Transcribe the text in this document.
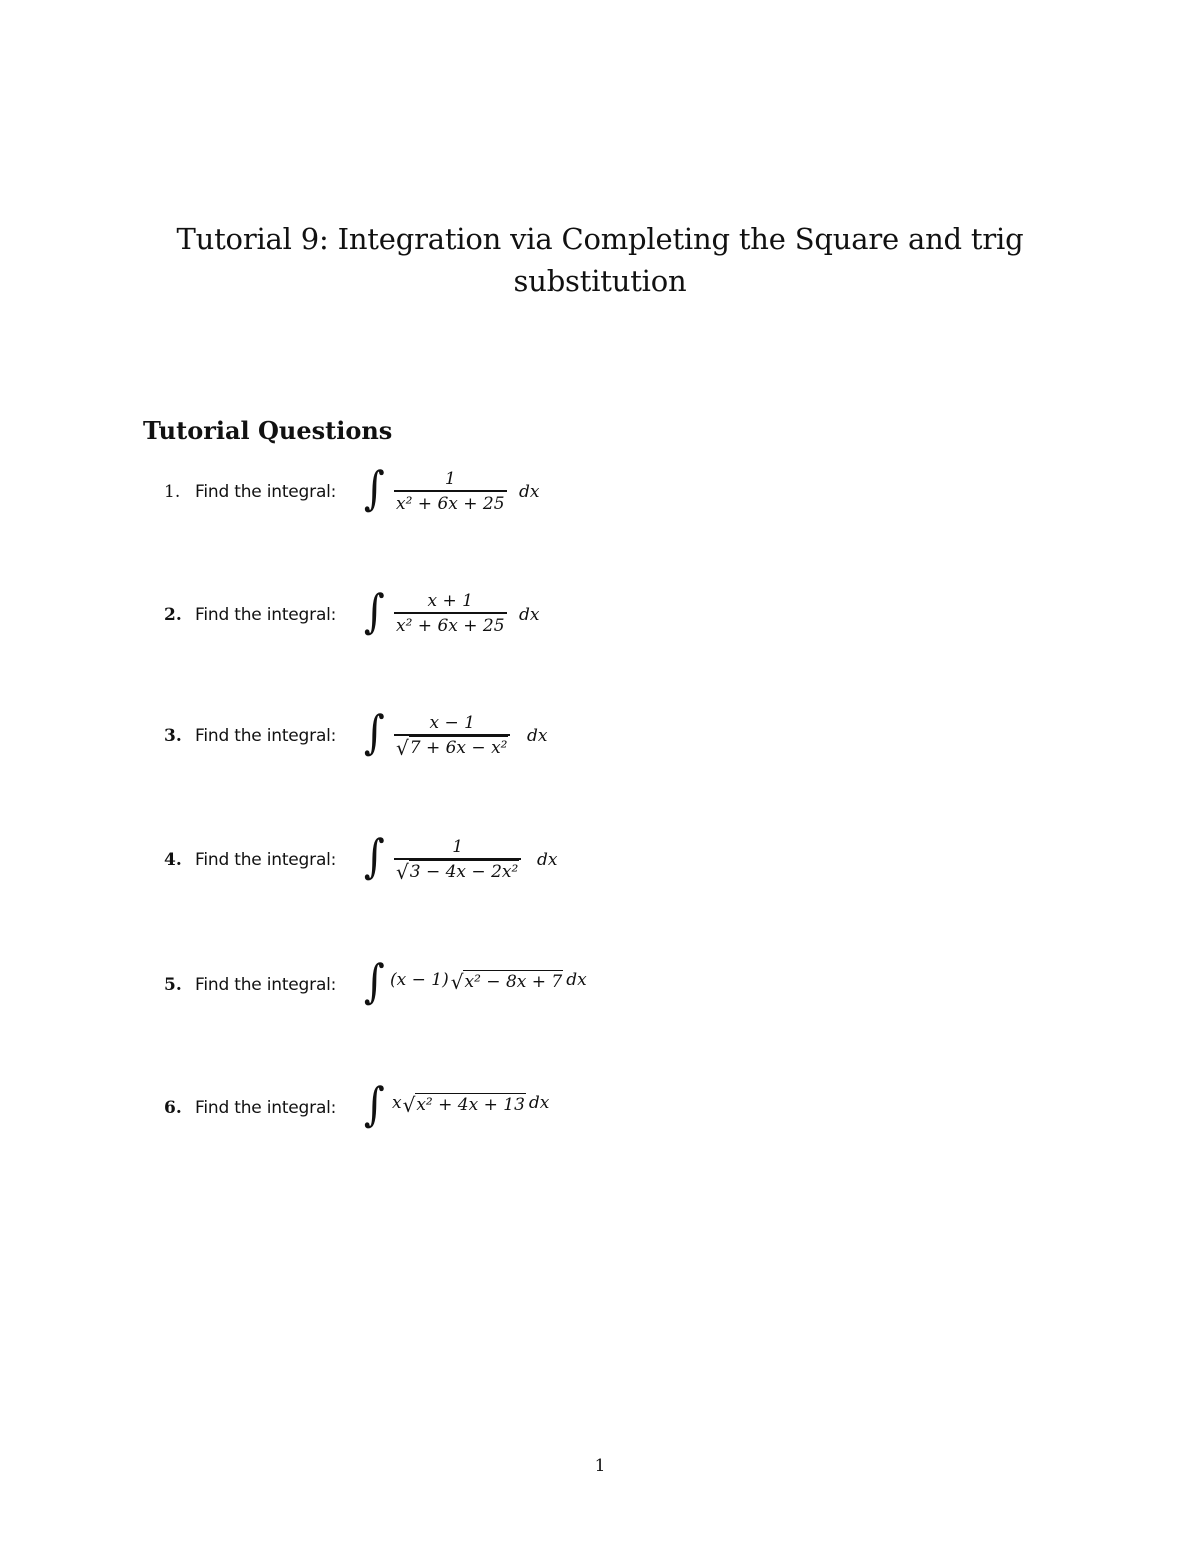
Tutorial 9: Integration via Completing the Square and trig substitution
Tutorial Questions
1. Find the integral: ∫	1
x² + 6x + 25
dx
2. Find the integral: ∫	x + 1
x² + 6x + 25
dx
3. Find the integral: ∫	x − 1
√ 7 + 6x − x²
dx
4. Find the integral: ∫	1
√ 3 − 4x − 2x²
dx
5. Find the integral: ∫ (x − 1) √ x² − 8x + 7 dx
6. Find the integral: ∫ x √ x² + 4x + 13 dx
1
